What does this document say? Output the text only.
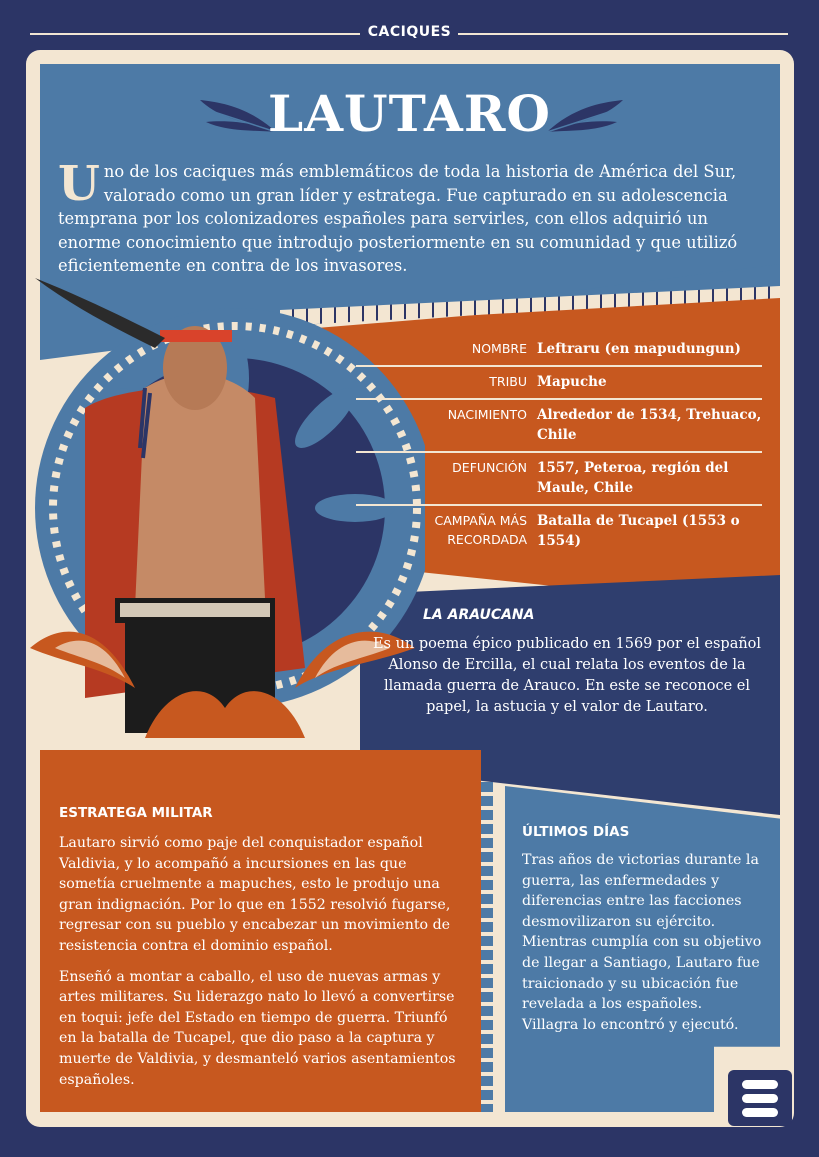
CACIQUES
LAUTARO
U no de los caciques más emblemáticos de toda la historia de América del Sur, valorado como un gran líder y estratega. Fue capturado en su adolescencia temprana por los colonizadores españoles para servirles, con ellos adquirió un enorme conocimiento que introdujo posteriormente en su comunidad y que utilizó eficientemente en contra de los invasores.
NOMBRE Leftraru (en mapudungun)
TRIBU Mapuche
NACIMIENTO Alrededor de 1534, Trehuaco, Chile
DEFUNCIÓN 1557, Peteroa, región del Maule, Chile
CAMPAÑA MÁS RECORDADA
Batalla de Tucapel (1553 o 1554)
LA ARAUCANA
Es un poema épico publicado en 1569 por el español Alonso de Ercilla, el cual relata los eventos de la llamada guerra de Arauco. En este se reconoce el papel, la astucia y el valor de Lautaro.
ESTRATEGA MILITAR

Lautaro sirvió como paje del conquistador español Valdivia, y lo acompañó a incursiones en las que sometía cruelmente a mapuches, esto le produjo una gran indignación. Por lo que en 1552 resolvió fugarse, regresar con su pueblo y encabezar un movimiento de resistencia contra el dominio español.

Enseñó a montar a caballo, el uso de nuevas armas y artes militares. Su liderazgo nato lo llevó a convertirse en toqui: jefe del Estado en tiempo de guerra. Triunfó en la batalla de Tucapel, que dio paso a la captura y muerte de Valdivia, y desmanteló varios asentamientos españoles.

ÚLTIMOS DÍAS

Tras años de victorias durante la guerra, las enfermedades y diferencias entre las facciones desmovilizaron su ejército. Mientras cumplía con su objetivo de llegar a Santiago, Lautaro fue traicionado y su ubicación fue revelada a los españoles. Villagra lo encontró y ejecutó.
